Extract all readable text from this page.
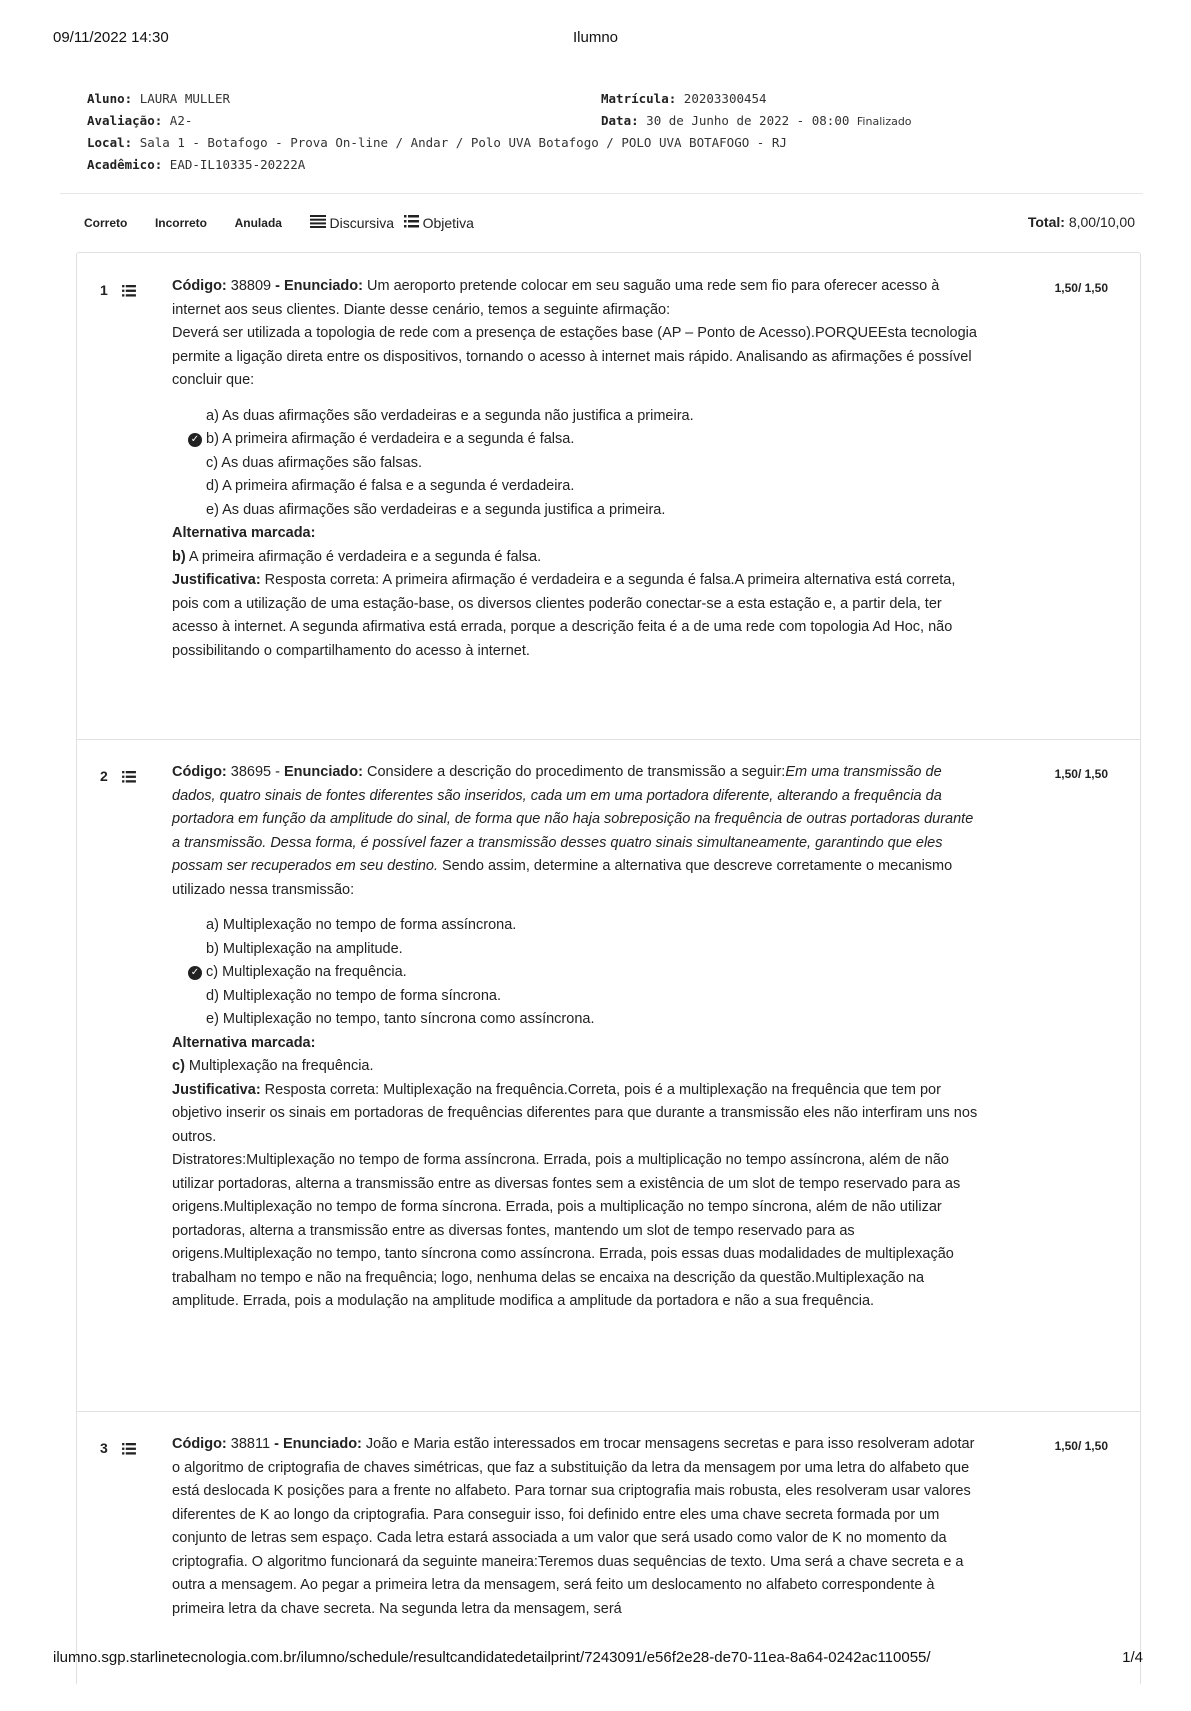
09/11/2022 14:30	Ilumno
Aluno: LAURA MULLER	Matrícula: 20203300454
Avaliação: A2-	Data: 30 de Junho de 2022 - 08:00 Finalizado
Local: Sala 1 - Botafogo - Prova On-line / Andar / Polo UVA Botafogo / POLO UVA BOTAFOGO - RJ
Acadêmico: EAD-IL10335-20222A
Correto Incorreto Anulada	Discursiva Objetiva	Total: 8,00/10,00
1	1,50/ 1,50

Código: 38809 - Enunciado: Um aeroporto pretende colocar em seu saguão uma rede sem fio para oferecer acesso à internet aos seus clientes. Diante desse cenário, temos a seguinte afirmação:

Deverá ser utilizada a topologia de rede com a presença de estações base (AP – Ponto de Acesso).PORQUEEsta tecnologia permite a ligação direta entre os dispositivos, tornando o acesso à internet mais rápido. Analisando as afirmações é possível concluir que:

a) As duas afirmações são verdadeiras e a segunda não justifica a primeira.
✓ b) A primeira afirmação é verdadeira e a segunda é falsa.
c) As duas afirmações são falsas.
d) A primeira afirmação é falsa e a segunda é verdadeira.
e) As duas afirmações são verdadeiras e a segunda justifica a primeira.

Alternativa marcada:

b) A primeira afirmação é verdadeira e a segunda é falsa.

Justificativa: Resposta correta: A primeira afirmação é verdadeira e a segunda é falsa.A primeira alternativa está correta, pois com a utilização de uma estação-base, os diversos clientes poderão conectar-se a esta estação e, a partir dela, ter acesso à internet. A segunda afirmativa está errada, porque a descrição feita é a de uma rede com topologia Ad Hoc, não possibilitando o compartilhamento do acesso à internet.

2	1,50/ 1,50

Código: 38695 - Enunciado: Considere a descrição do procedimento de transmissão a seguir:Em uma transmissão de dados, quatro sinais de fontes diferentes são inseridos, cada um em uma portadora diferente, alterando a frequência da portadora em função da amplitude do sinal, de forma que não haja sobreposição na frequência de outras portadoras durante a transmissão. Dessa forma, é possível fazer a transmissão desses quatro sinais simultaneamente, garantindo que eles possam ser recuperados em seu destino. Sendo assim, determine a alternativa que descreve corretamente o mecanismo utilizado nessa transmissão:

a) Multiplexação no tempo de forma assíncrona.
b) Multiplexação na amplitude.
✓ c) Multiplexação na frequência.
d) Multiplexação no tempo de forma síncrona.
e) Multiplexação no tempo, tanto síncrona como assíncrona.

Alternativa marcada:

c) Multiplexação na frequência.

Justificativa: Resposta correta: Multiplexação na frequência.Correta, pois é a multiplexação na frequência que tem por objetivo inserir os sinais em portadoras de frequências diferentes para que durante a transmissão eles não interfiram uns nos outros.

Distratores:Multiplexação no tempo de forma assíncrona. Errada, pois a multiplicação no tempo assíncrona, além de não utilizar portadoras, alterna a transmissão entre as diversas fontes sem a existência de um slot de tempo reservado para as origens.Multiplexação no tempo de forma síncrona. Errada, pois a multiplicação no tempo síncrona, além de não utilizar portadoras, alterna a transmissão entre as diversas fontes, mantendo um slot de tempo reservado para as origens.Multiplexação no tempo, tanto síncrona como assíncrona. Errada, pois essas duas modalidades de multiplexação trabalham no tempo e não na frequência; logo, nenhuma delas se encaixa na descrição da questão.Multiplexação na amplitude. Errada, pois a modulação na amplitude modifica a amplitude da portadora e não a sua frequência.

3	1,50/ 1,50

Código: 38811 - Enunciado: João e Maria estão interessados em trocar mensagens secretas e para isso resolveram adotar o algoritmo de criptografia de chaves simétricas, que faz a substituição da letra da mensagem por uma letra do alfabeto que está deslocada K posições para a frente no alfabeto. Para tornar sua criptografia mais robusta, eles resolveram usar valores diferentes de K ao longo da criptografia. Para conseguir isso, foi definido entre eles uma chave secreta formada por um conjunto de letras sem espaço. Cada letra estará associada a um valor que será usado como valor de K no momento da criptografia. O algoritmo funcionará da seguinte maneira:Teremos duas sequências de texto. Uma será a chave secreta e a outra a mensagem. Ao pegar a primeira letra da mensagem, será feito um deslocamento no alfabeto correspondente à primeira letra da chave secreta. Na segunda letra da mensagem, será

ilumno.sgp.starlinetecnologia.com.br/ilumno/schedule/resultcandidatedetailprint/7243091/e56f2e28-de70-11ea-8a64-0242ac110055/	1/4
